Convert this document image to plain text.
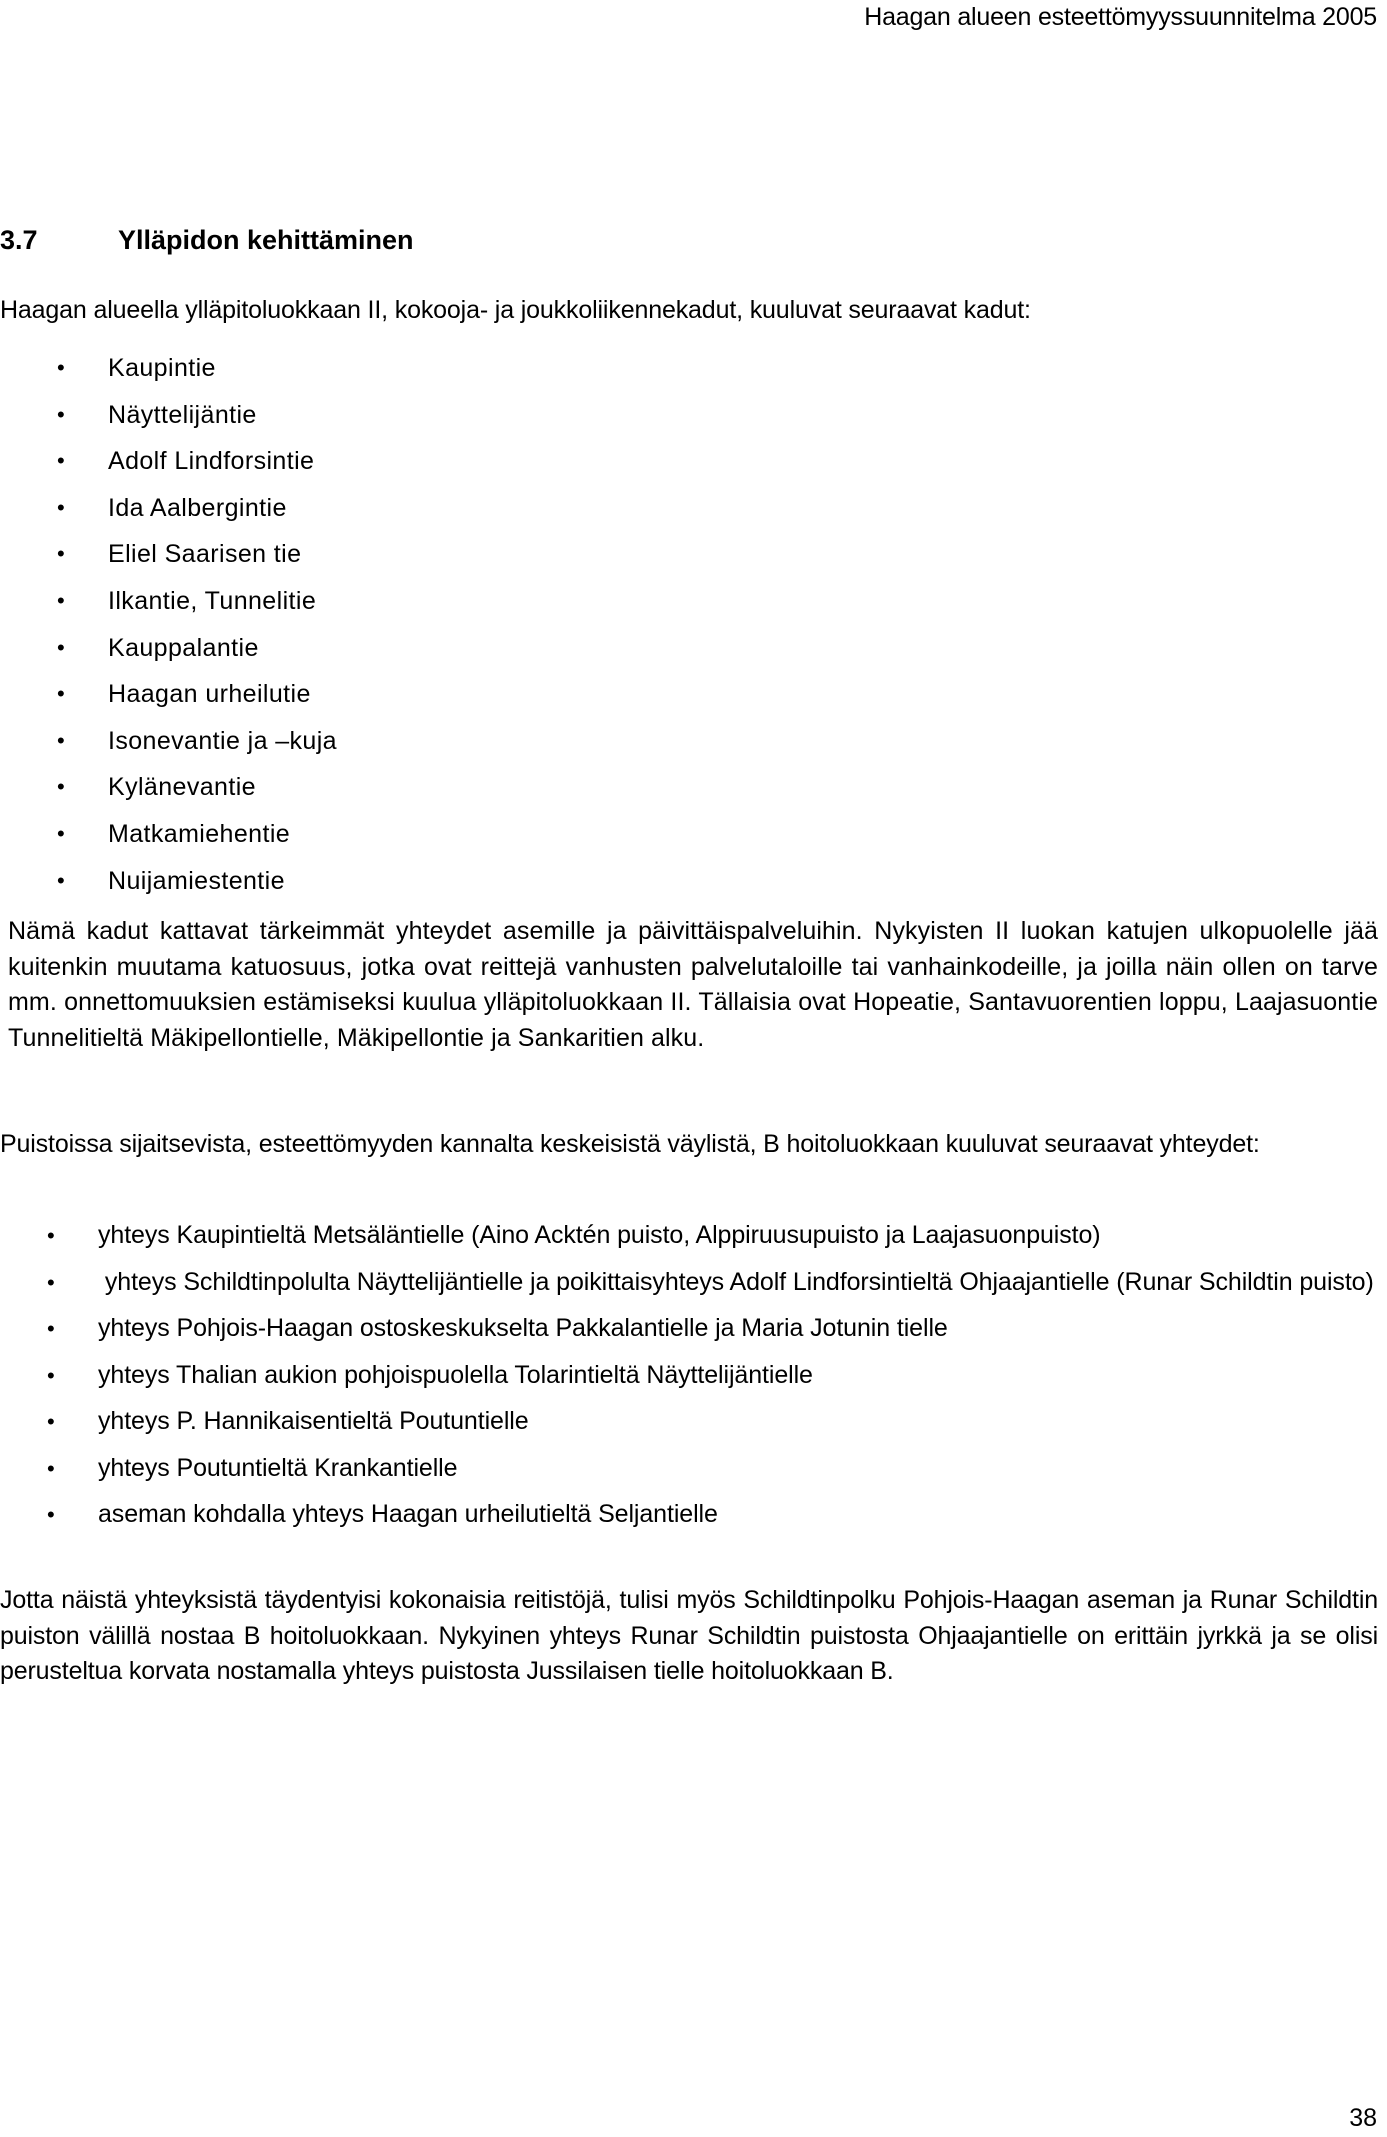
Haagan alueen esteettömyyssuunnitelma 2005
3.7	Ylläpidon kehittäminen

Haagan alueella ylläpitoluokkaan II, kokooja- ja joukkoliikennekadut, kuuluvat seuraavat kadut:

• Kaupintie
• Näyttelijäntie
• Adolf Lindforsintie
• Ida Aalbergintie
• Eliel Saarisen tie
• Ilkantie, Tunnelitie
• Kauppalantie
• Haagan urheilutie
• Isonevantie ja –kuja
• Kylänevantie
• Matkamiehentie
• Nuijamiestentie

Nämä kadut kattavat tärkeimmät yhteydet asemille ja päivittäispalveluihin. Nykyisten II luokan katujen ulkopuolelle jää kuitenkin muutama katuosuus, jotka ovat reittejä vanhusten palvelutaloille tai vanhainkodeille, ja joilla näin ollen on tarve mm. onnettomuuksien estämiseksi kuulua ylläpitoluokkaan II. Tällaisia ovat Hopeatie, Santavuorentien loppu, Laajasuontie Tunnelitieltä Mäkipellontielle, Mäkipellontie ja Sankaritien alku.

Puistoissa sijaitsevista, esteettömyyden kannalta keskeisistä väylistä, B hoitoluokkaan kuuluvat seuraavat yhteydet:

• yhteys Kaupintieltä Metsäläntielle (Aino Acktén puisto, Alppiruusupuisto ja Laajasuonpuisto)
• yhteys Schildtinpolulta Näyttelijäntielle ja poikittaisyhteys Adolf Lindforsintieltä Ohjaajantielle (Runar Schildtin puisto)
• yhteys Pohjois-Haagan ostoskeskukselta Pakkalantielle ja Maria Jotunin tielle
• yhteys Thalian aukion pohjoispuolella Tolarintieltä Näyttelijäntielle
• yhteys P. Hannikaisentieltä Poutuntielle
• yhteys Poutuntieltä Krankantielle
• aseman kohdalla yhteys Haagan urheilutieltä Seljantielle

Jotta näistä yhteyksistä täydentyisi kokonaisia reitistöjä, tulisi myös Schildtinpolku Pohjois-Haagan aseman ja Runar Schildtin puiston välillä nostaa B hoitoluokkaan. Nykyinen yhteys Runar Schildtin puistosta Ohjaajantielle on erittäin jyrkkä ja se olisi perusteltua korvata nostamalla yhteys puistosta Jussilaisen tielle hoitoluokkaan B.

38
